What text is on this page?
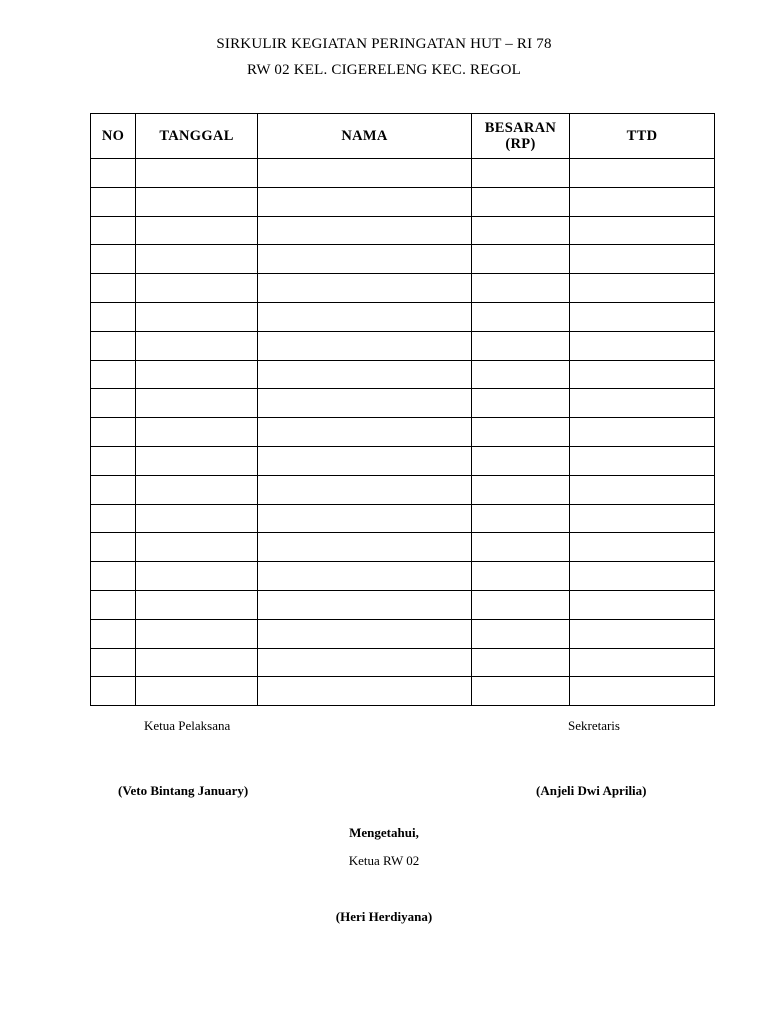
SIRKULIR KEGIATAN PERINGATAN HUT – RI 78
RW 02 KEL. CIGERELENG KEC. REGOL
NO	TANGGAL	NAMA	BESARAN (RP)	TTD

Ketua Pelaksana	Sekretaris
(Veto Bintang January)	(Anjeli Dwi Aprilia)
Mengetahui,
Ketua RW 02
(Heri Herdiyana)
